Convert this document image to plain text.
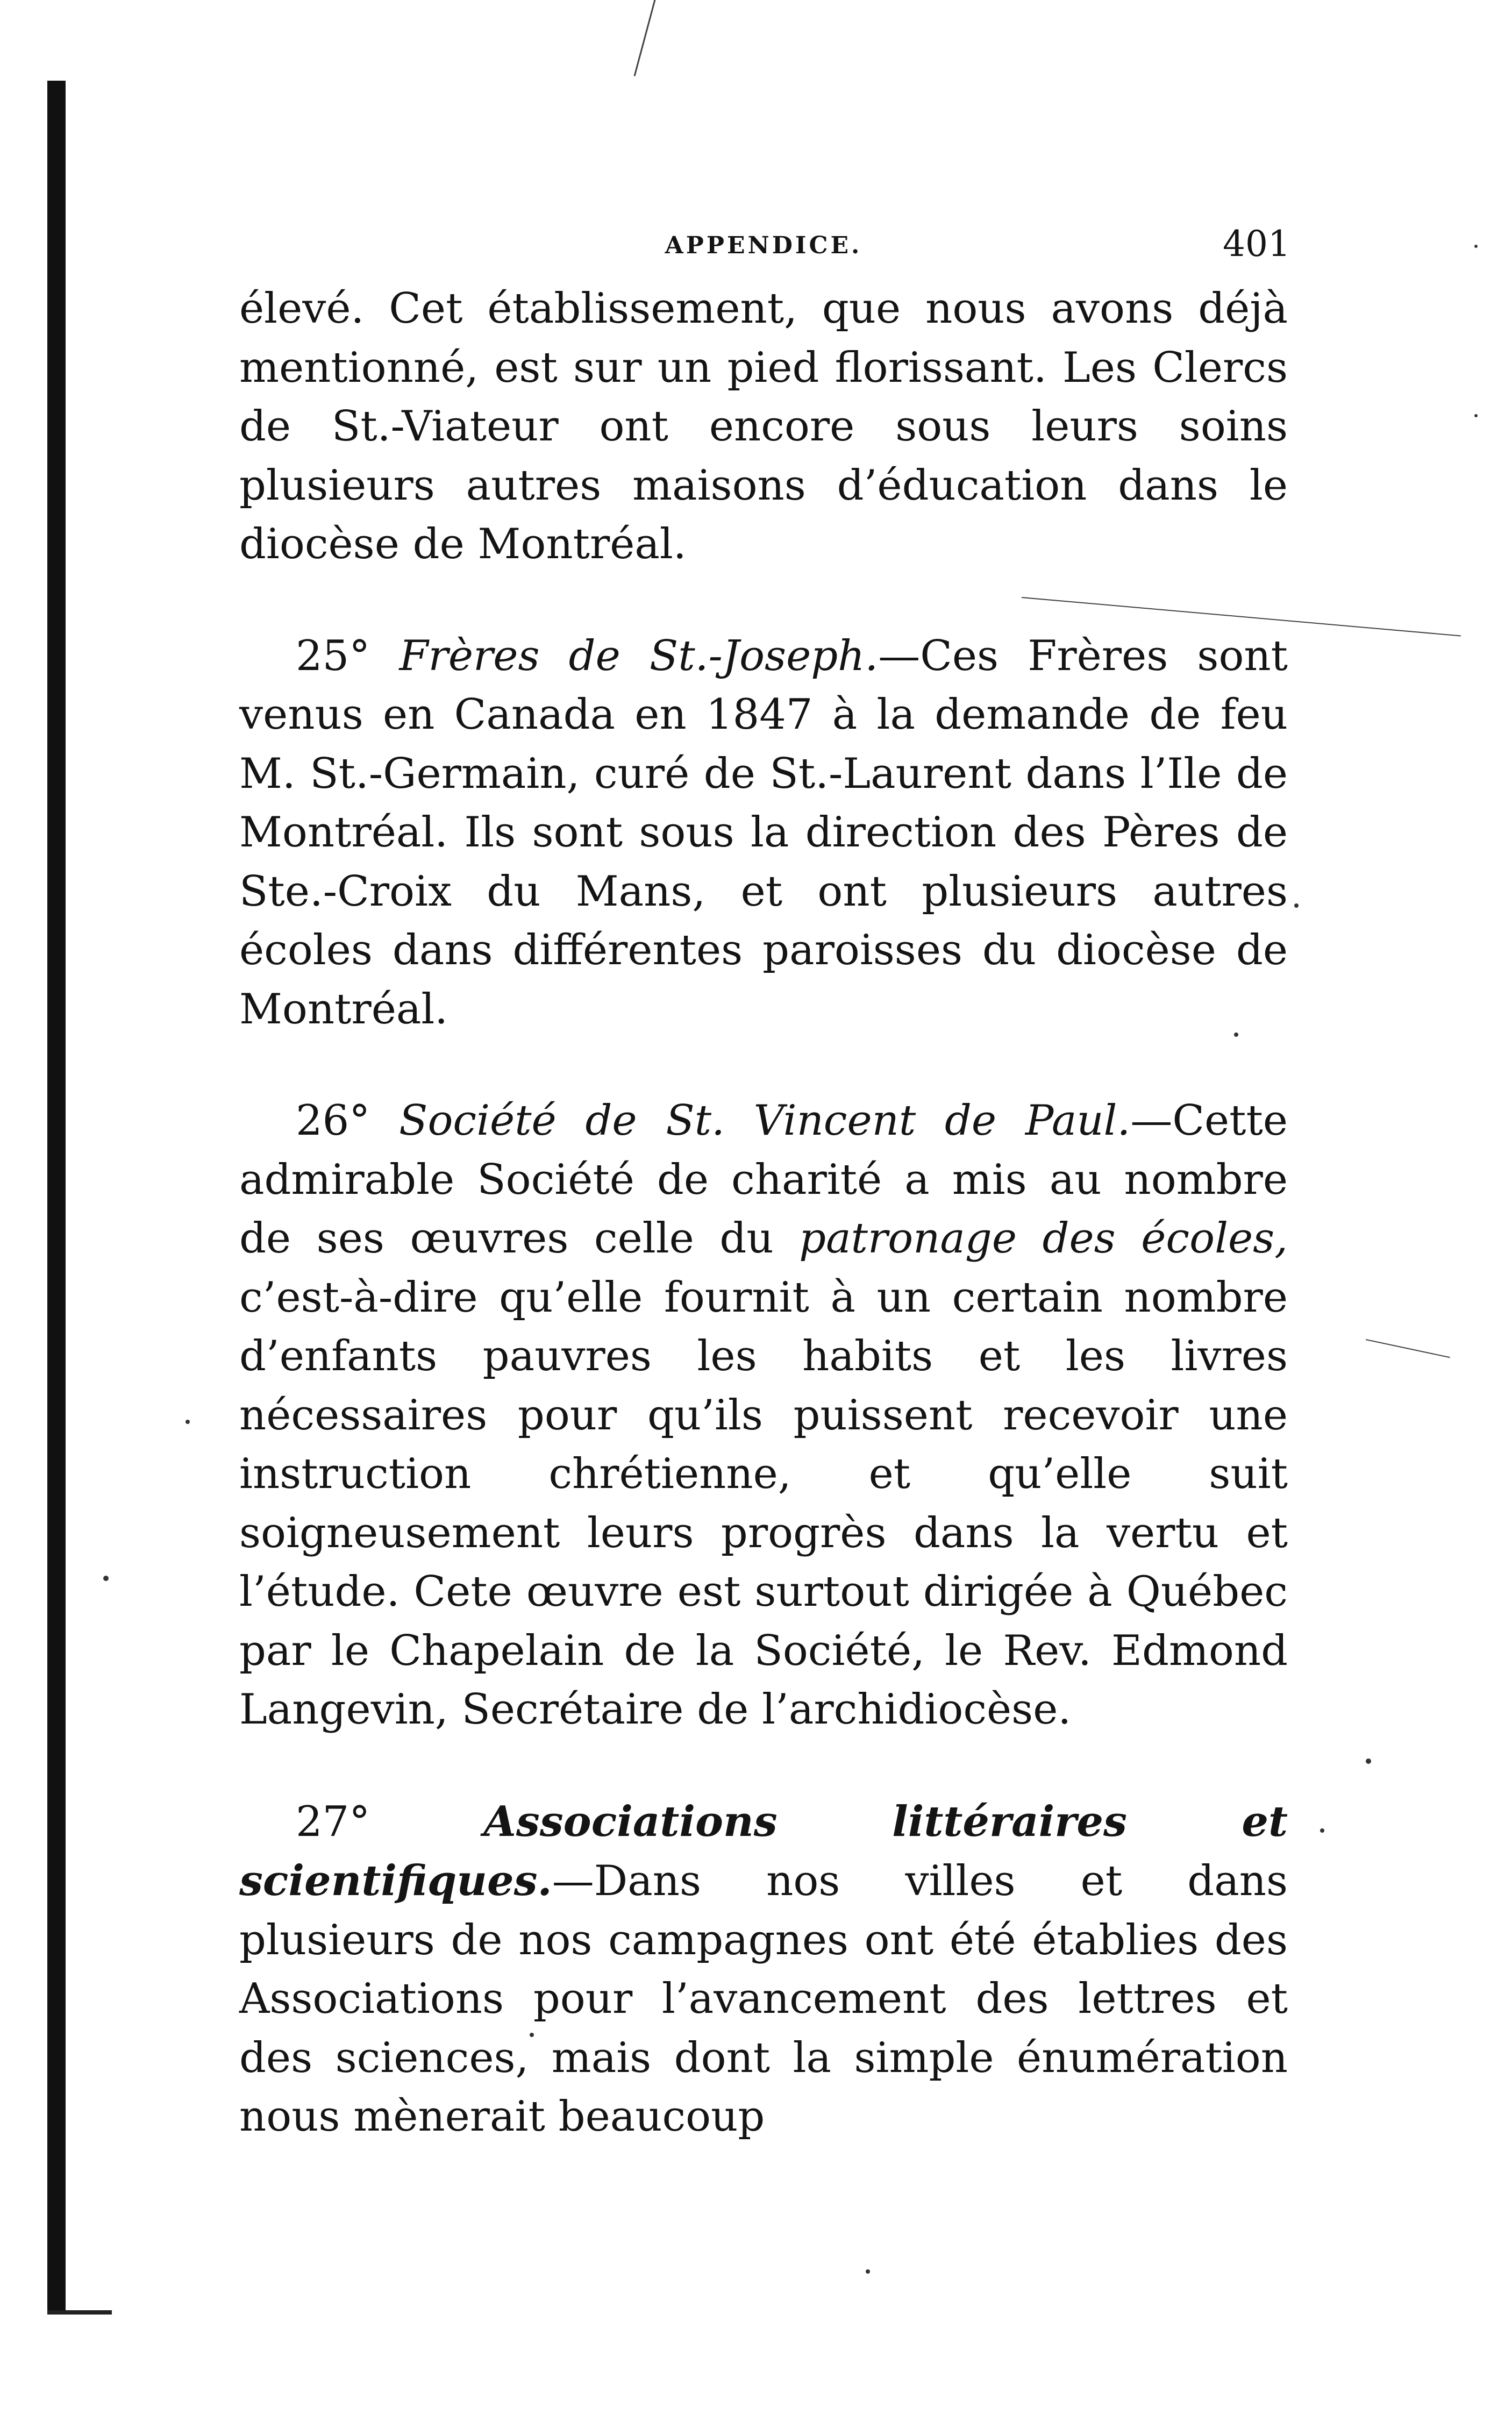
APPENDICE.	401

élevé. Cet établissement, que nous avons déjà mentionné, est sur un pied florissant. Les Clercs de St.-Viateur ont encore sous leurs soins plusieurs autres maisons d’éducation dans le diocèse de Montréal.

25° Frères de St.-Joseph.—Ces Frères sont venus en Canada en 1847 à la demande de feu M. St.-Germain, curé de St.-Laurent dans l’Ile de Montréal. Ils sont sous la direction des Pères de Ste.-Croix du Mans, et ont plusieurs autres écoles dans différentes paroisses du diocèse de Montréal.

26° Société de St. Vincent de Paul.—Cette admirable Société de charité a mis au nombre de ses œuvres celle du patronage des écoles, c’est-à-dire qu’elle fournit à un certain nombre d’enfants pauvres les habits et les livres nécessaires pour qu’ils puissent recevoir une instruction chrétienne, et qu’elle suit soigneusement leurs progrès dans la vertu et l’étude. Cete œuvre est surtout dirigée à Québec par le Chapelain de la Société, le Rev. Edmond Langevin, Secrétaire de l’archidiocèse.

27°	Associations littéraires et scientifiques.—Dans nos villes et dans plusieurs de nos campagnes ont été établies des Associations pour l’avancement des lettres et des sciences, mais dont la simple énumération nous mènerait beaucoup
